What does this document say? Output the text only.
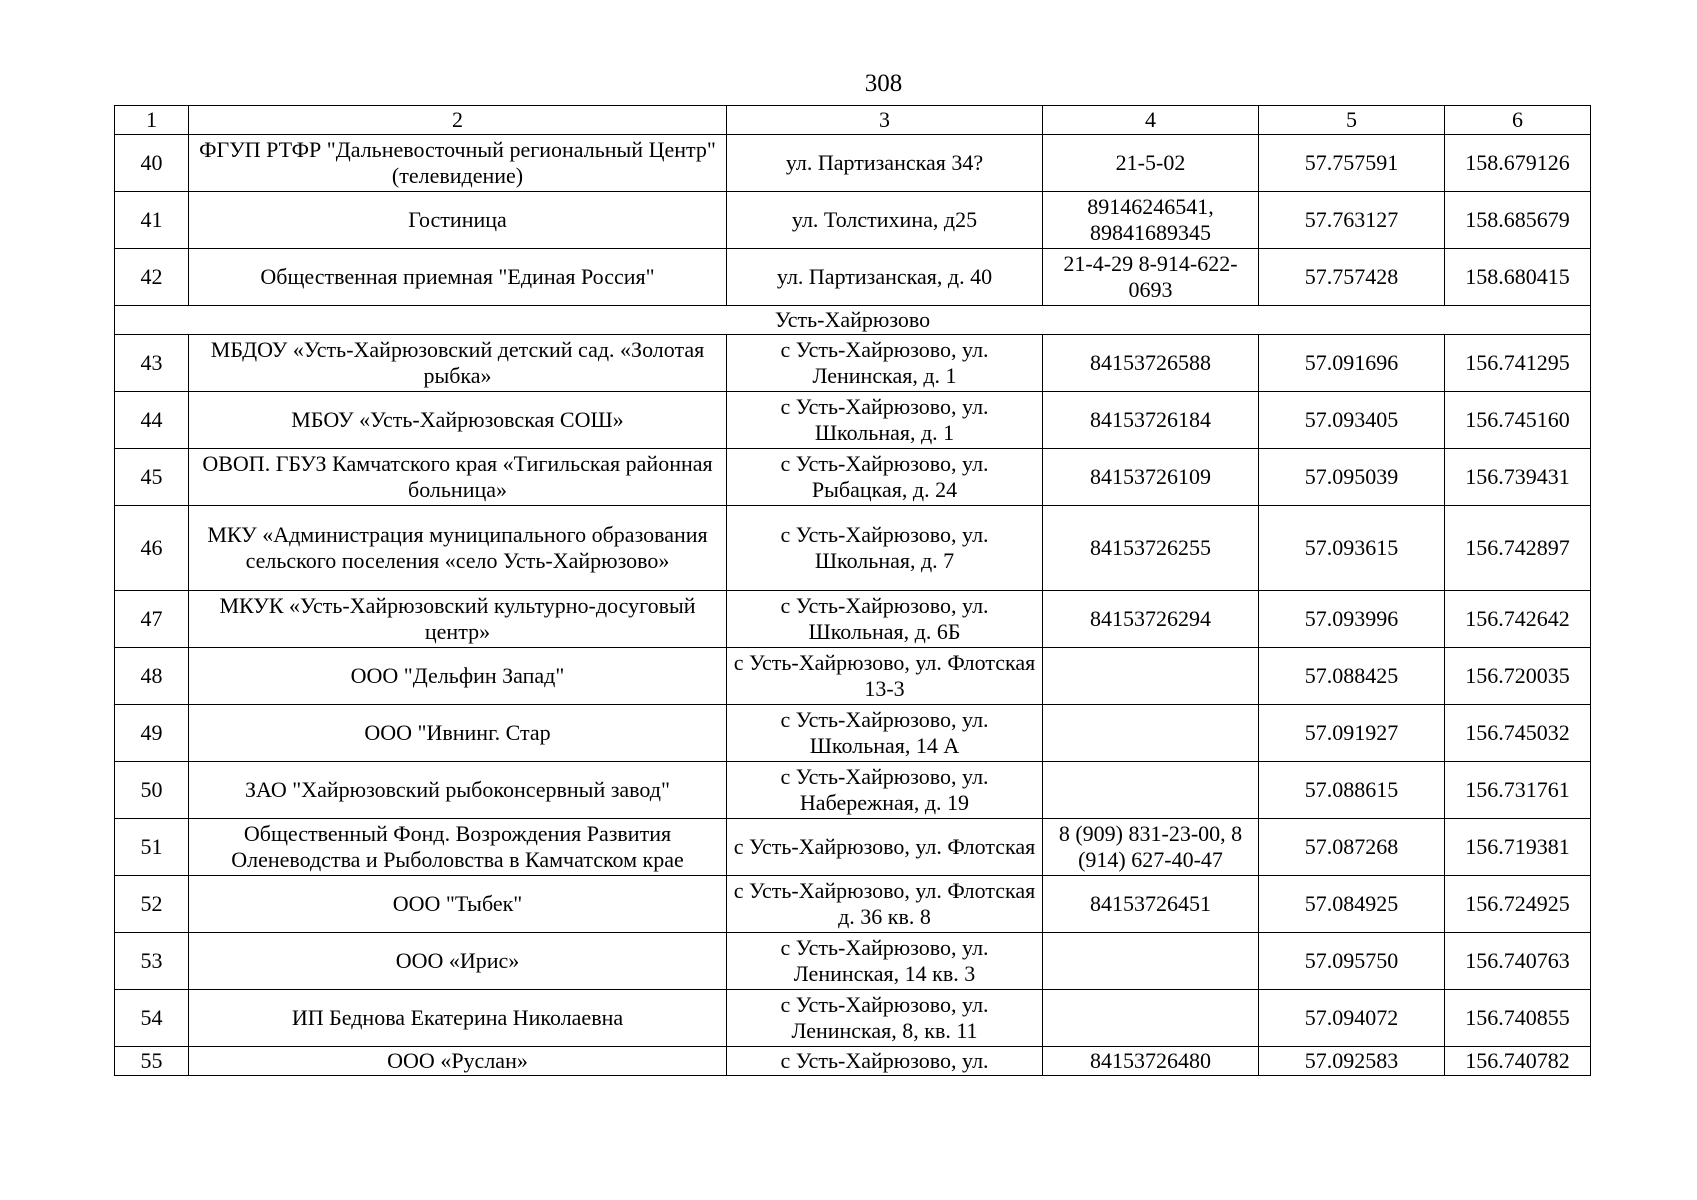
308
1	2	3	4	5	6
40	ФГУП РТФР "Дальневосточный региональный Центр"(телевидение)	ул. Партизанская 34?	21-5-02	57.757591	158.679126
41	Гостиница	ул. Толстихина, д25	89146246541, 89841689345	57.763127	158.685679
42	Общественная приемная "Единая Россия"	ул. Партизанская, д. 40	21-4-29 8-914-622-0693	57.757428	158.680415
Усть-Хайрюзово					
43	МБДОУ «Усть-Хайрюзовский детский сад. «Золотая рыбка»	с Усть-Хайрюзово, ул. Ленинская, д. 1	84153726588	57.091696	156.741295
44	МБОУ «Усть-Хайрюзовская СОШ»	с Усть-Хайрюзово, ул. Школьная, д. 1	84153726184	57.093405	156.745160
45	ОВОП. ГБУЗ Камчатского края «Тигильская районная больница»	с Усть-Хайрюзово, ул. Рыбацкая, д. 24	84153726109	57.095039	156.739431
46	МКУ «Администрация муниципального образования сельского поселения «село Усть-Хайрюзово»	с Усть-Хайрюзово, ул. Школьная, д. 7	84153726255	57.093615	156.742897
47	МКУК «Усть-Хайрюзовский культурно-досуговый центр»	с Усть-Хайрюзово, ул. Школьная, д. 6Б	84153726294	57.093996	156.742642
48	ООО "Дельфин Запад"	с Усть-Хайрюзово, ул. Флотская 13-3		57.088425	156.720035
49	ООО "Ивнинг. Стар	с Усть-Хайрюзово, ул. Школьная, 14 А		57.091927	156.745032
50	ЗАО "Хайрюзовский рыбоконсервный завод"	с Усть-Хайрюзово, ул. Набережная, д. 19		57.088615	156.731761
51	Общественный Фонд. Возрождения Развития Оленеводства и Рыболовства в Камчатском крае	с Усть-Хайрюзово, ул. Флотская	8 (909) 831-23-00, 8 (914) 627-40-47	57.087268	156.719381
52	ООО "Тыбек"	с Усть-Хайрюзово, ул. Флотская д. 36 кв. 8	84153726451	57.084925	156.724925
53	ООО «Ирис»	с Усть-Хайрюзово, ул. Ленинская, 14 кв. 3		57.095750	156.740763
54	ИП Беднова Екатерина Николаевна	с Усть-Хайрюзово, ул. Ленинская, 8, кв. 11		57.094072	156.740855
55	ООО «Руслан»	с Усть-Хайрюзово, ул.	84153726480	57.092583	156.740782
